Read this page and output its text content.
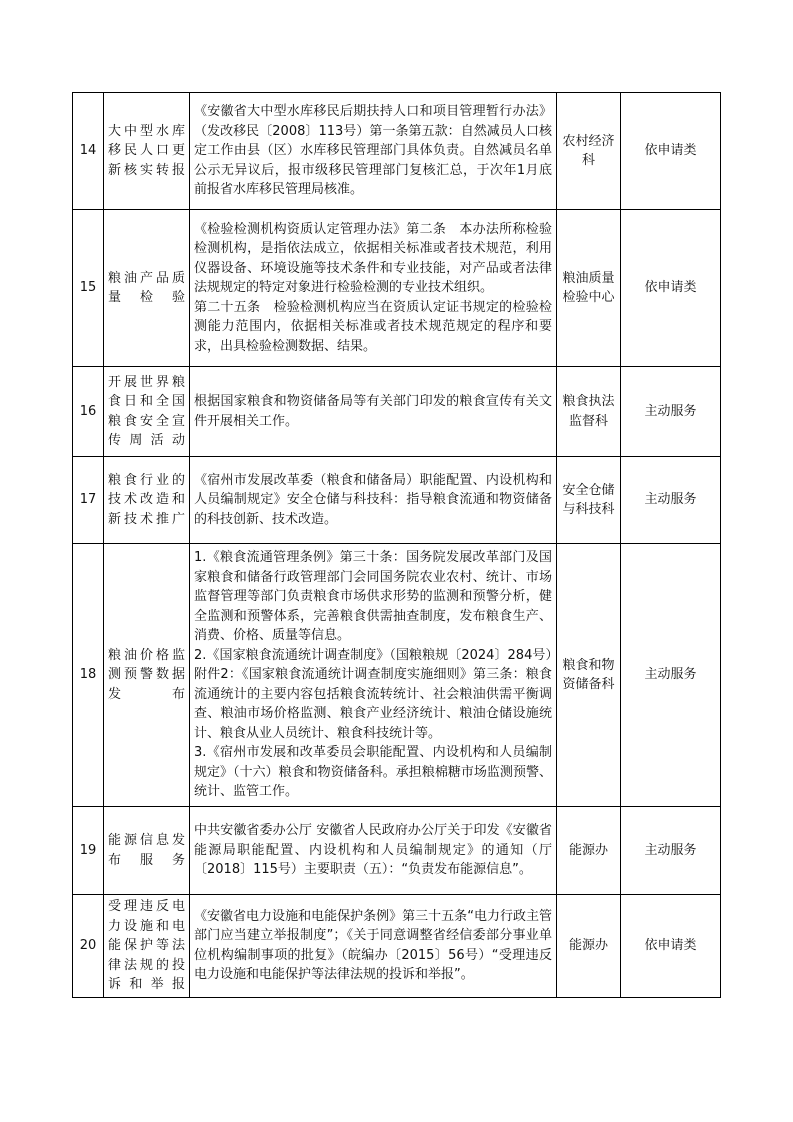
14	大中型水库移民人口更新核实转报	《安徽省大中型水库移民后期扶持人口和项目管理暂行办法》（发改移民〔2008〕113号）第一条第五款：自然减员人口核定工作由县（区）水库移民管理部门具体负责。自然减员名单公示无异议后，报市级移民管理部门复核汇总，于次年1月底前报省水库移民管理局核准。	农村经济科	依申请类
15	粮油产品质量检验	《检验检测机构资质认定管理办法》第二条　本办法所称检验检测机构，是指依法成立，依据相关标准或者技术规范，利用仪器设备、环境设施等技术条件和专业技能，对产品或者法律法规规定的特定对象进行检验检测的专业技术组织。
第二十五条　检验检测机构应当在资质认定证书规定的检验检测能力范围内，依据相关标准或者技术规范规定的程序和要求，出具检验检测数据、结果。	粮油质量检验中心	依申请类
16	开展世界粮食日和全国粮食安全宣传周活动	根据国家粮食和物资储备局等有关部门印发的粮食宣传有关文件开展相关工作。	粮食执法监督科	主动服务
17	粮食行业的技术改造和新技术推广	《宿州市发展改革委（粮食和储备局）职能配置、内设机构和人员编制规定》安全仓储与科技科：指导粮食流通和物资储备的科技创新、技术改造。	安全仓储与科技科	主动服务
18	粮油价格监测预警数据发布	1.《粮食流通管理条例》第三十条：国务院发展改革部门及国家粮食和储备行政管理部门会同国务院农业农村、统计、市场监督管理等部门负责粮食市场供求形势的监测和预警分析，健全监测和预警体系，完善粮食供需抽查制度，发布粮食生产、消费、价格、质量等信息。
2.《国家粮食流通统计调查制度》（国粮粮规〔2024〕284号）附件2：《国家粮食流通统计调查制度实施细则》第三条：粮食流通统计的主要内容包括粮食流转统计、社会粮油供需平衡调查、粮油市场价格监测、粮食产业经济统计、粮油仓储设施统计、粮食从业人员统计、粮食科技统计等。
3.《宿州市发展和改革委员会职能配置、内设机构和人员编制规定》（十六）粮食和物资储备科。承担粮棉糖市场监测预警、统计、监管工作。	粮食和物资储备科	主动服务
19	能源信息发布服务	中共安徽省委办公厅 安徽省人民政府办公厅关于印发《安徽省能源局职能配置、内设机构和人员编制规定》的通知（厅〔2018〕115号）主要职责（五）：“负责发布能源信息”。	能源办	主动服务
20	受理违反电力设施和电能保护等法律法规的投诉和举报	《安徽省电力设施和电能保护条例》第三十五条“电力行政主管部门应当建立举报制度”；《关于同意调整省经信委部分事业单位机构编制事项的批复》（皖编办〔2015〕56号）“受理违反电力设施和电能保护等法律法规的投诉和举报”。	能源办	依申请类
